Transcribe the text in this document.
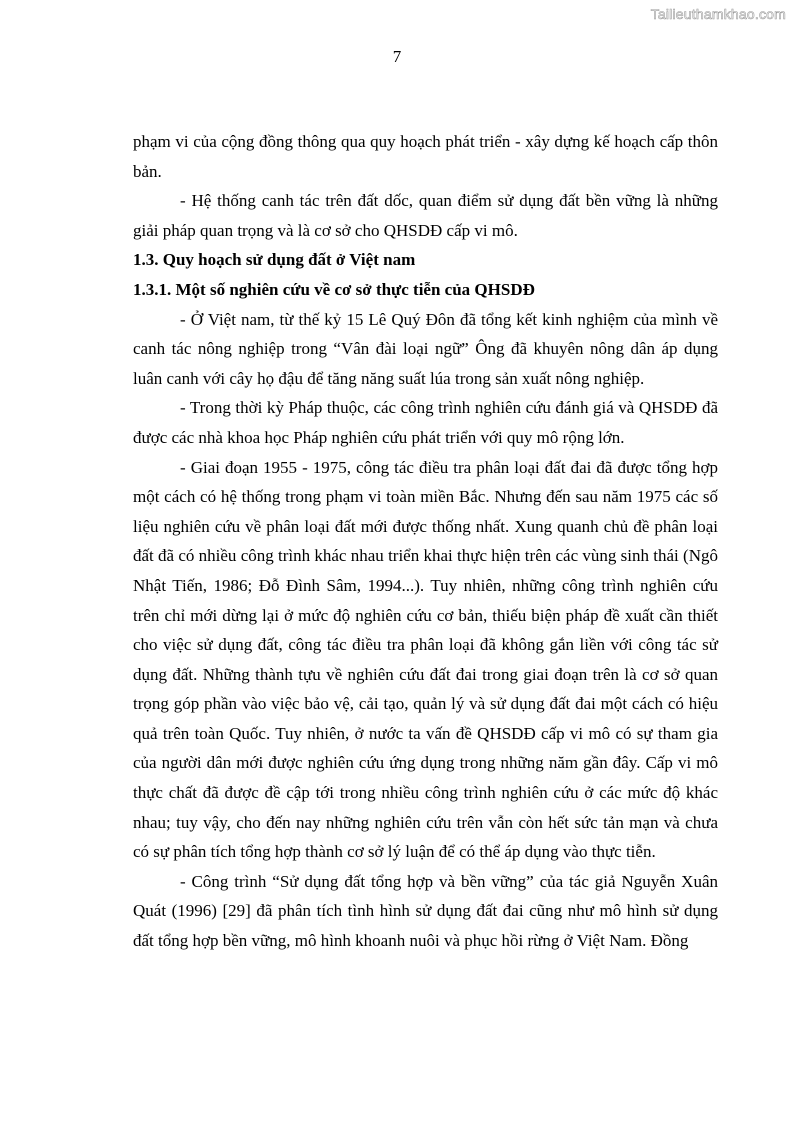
Tailieuthamkhao.com
7

phạm vi của cộng đồng thông qua quy hoạch phát triển - xây dựng kế hoạch cấp thôn bản.

- Hệ thống canh tác trên đất dốc, quan điểm sử dụng đất bền vững là những giải pháp quan trọng và là cơ sở cho QHSDĐ cấp vi mô.

1.3. Quy hoạch sử dụng đất ở Việt nam
1.3.1. Một số nghiên cứu về cơ sở thực tiễn của QHSDĐ

- Ở Việt nam, từ thế kỷ 15 Lê Quý Đôn đã tổng kết kinh nghiệm của mình về canh tác nông nghiệp trong “Vân đài loại ngữ” Ông đã khuyên nông dân áp dụng luân canh với cây họ đậu để tăng năng suất lúa trong sản xuất nông nghiệp.

- Trong thời kỳ Pháp thuộc, các công trình nghiên cứu đánh giá và QHSDĐ đã được các nhà khoa học Pháp nghiên cứu phát triển với quy mô rộng lớn.

- Giai đoạn 1955 - 1975, công tác điều tra phân loại đất đai đã được tổng hợp một cách có hệ thống trong phạm vi toàn miền Bắc. Nhưng đến sau năm 1975 các số liệu nghiên cứu về phân loại đất mới được thống nhất. Xung quanh chủ đề phân loại đất đã có nhiều công trình khác nhau triển khai thực hiện trên các vùng sinh thái (Ngô Nhật Tiến, 1986; Đỗ Đình Sâm, 1994...). Tuy nhiên, những công trình nghiên cứu trên chỉ mới dừng lại ở mức độ nghiên cứu cơ bản, thiếu biện pháp đề xuất cần thiết cho việc sử dụng đất, công tác điều tra phân loại đã không gắn liền với công tác sử dụng đất. Những thành tựu về nghiên cứu đất đai trong giai đoạn trên là cơ sở quan trọng góp phần vào việc bảo vệ, cải tạo, quản lý và sử dụng đất đai một cách có hiệu quả trên toàn Quốc. Tuy nhiên, ở nước ta vấn đề QHSDĐ cấp vi mô có sự tham gia của người dân mới được nghiên cứu ứng dụng trong những năm gần đây. Cấp vi mô thực chất đã được đề cập tới trong nhiều công trình nghiên cứu ở các mức độ khác nhau; tuy vậy, cho đến nay những nghiên cứu trên vẫn còn hết sức tản mạn và chưa có sự phân tích tổng hợp thành cơ sở lý luận để có thể áp dụng vào thực tiễn.

- Công trình “Sử dụng đất tổng hợp và bền vững” của tác giả Nguyễn Xuân Quát (1996) [29] đã phân tích tình hình sử dụng đất đai cũng như mô hình sử dụng đất tổng hợp bền vững, mô hình khoanh nuôi và phục hồi rừng ở Việt Nam. Đồng
